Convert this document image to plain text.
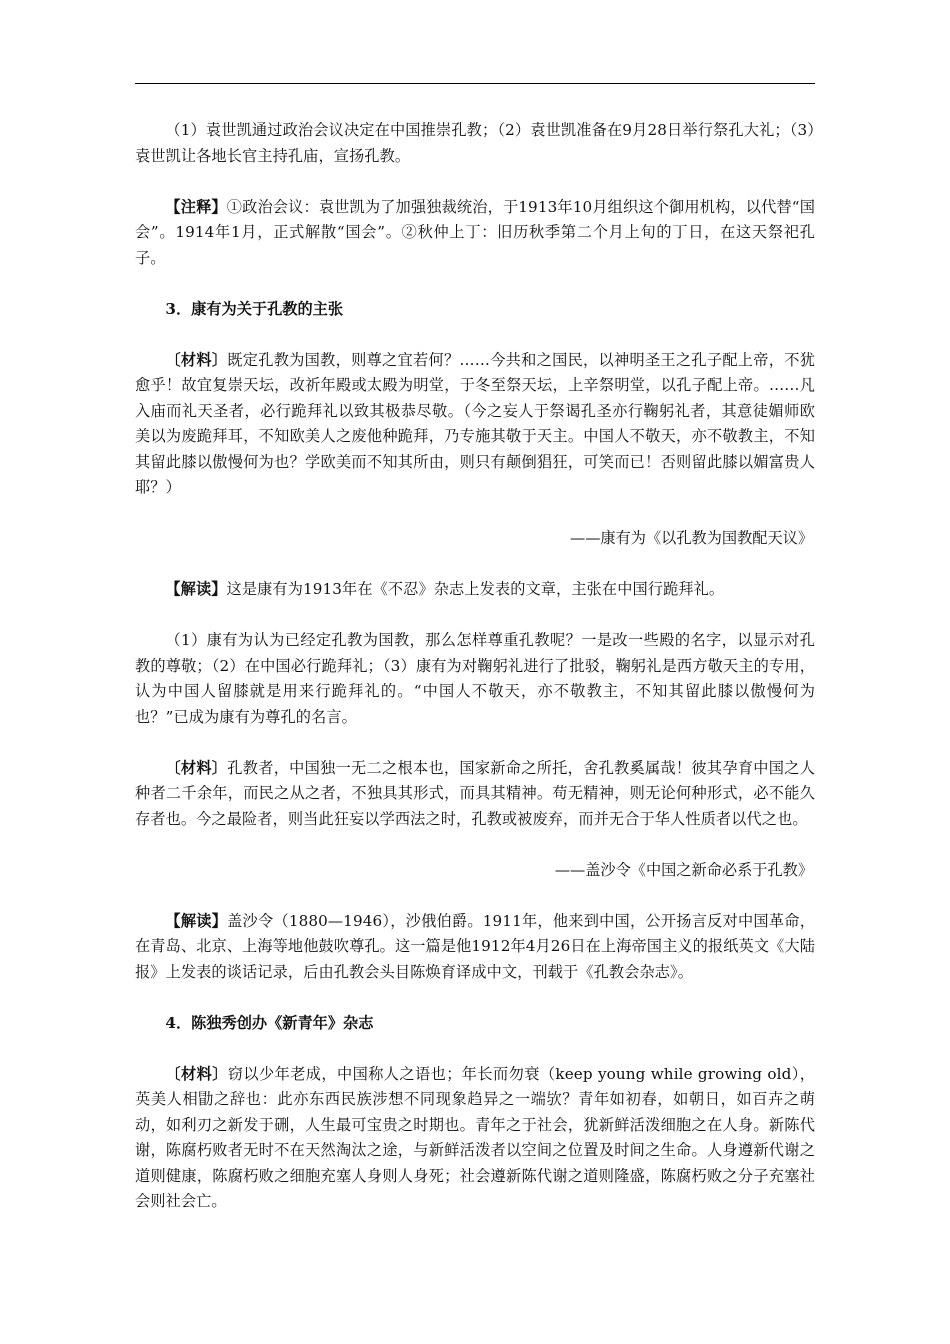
（1）袁世凯通过政治会议决定在中国推崇孔教；（2）袁世凯准备在9月28日举行祭孔大礼；（3）袁世凯让各地长官主持孔庙，宣扬孔教。

【注释】①政治会议：袁世凯为了加强独裁统治，于1913年10月组织这个御用机构，以代替“国会”。1914年1月，正式解散“国会”。②秋仲上丁：旧历秋季第二个月上旬的丁日，在这天祭祀孔子。

3．康有为关于孔教的主张

〔材料〕既定孔教为国教，则尊之宜若何？……今共和之国民，以神明圣王之孔子配上帝，不犹愈乎！故宜复崇天坛，改祈年殿或太殿为明堂，于冬至祭天坛，上辛祭明堂，以孔子配上帝。……凡入庙而礼天圣者，必行跪拜礼以致其极恭尽敬。（今之妄人于祭谒孔圣亦行鞠躬礼者，其意徒媚师欧美以为废跪拜耳，不知欧美人之废他种跪拜，乃专施其敬于天主。中国人不敬天，亦不敬教主，不知其留此膝以傲慢何为也？学欧美而不知其所由，则只有颠倒猖狂，可笑而已！否则留此膝以媚富贵人耶？）

——康有为《以孔教为国教配天议》

【解读】这是康有为1913年在《不忍》杂志上发表的文章，主张在中国行跪拜礼。

（1）康有为认为已经定孔教为国教，那么怎样尊重孔教呢？一是改一些殿的名字，以显示对孔教的尊敬；（2）在中国必行跪拜礼；（3）康有为对鞠躬礼进行了批驳，鞠躬礼是西方敬天主的专用，认为中国人留膝就是用来行跪拜礼的。“中国人不敬天，亦不敬教主，不知其留此膝以傲慢何为也？”已成为康有为尊孔的名言。

〔材料〕孔教者，中国独一无二之根本也，国家新命之所托，舍孔教奚属哉！彼其孕育中国之人种者二千余年，而民之从之者，不独具其形式，而具其精神。苟无精神，则无论何种形式，必不能久存者也。今之最险者，则当此狂妄以学西法之时，孔教或被废弃，而并无合于华人性质者以代之也。

——盖沙令《中国之新命必系于孔教》

【解读】盖沙令（1880—1946），沙俄伯爵。1911年，他来到中国，公开扬言反对中国革命，在青岛、北京、上海等地他鼓吹尊孔。这一篇是他1912年4月26日在上海帝国主义的报纸英文《大陆报》上发表的谈话记录，后由孔教会头目陈焕育译成中文，刊载于《孔教会杂志》。

4．陈独秀创办《新青年》杂志

〔材料〕窃以少年老成，中国称人之语也；年长而勿衰（keep young while growing old），英美人相勖之辞也：此亦东西民族涉想不同现象趋异之一端欤？青年如初春，如朝日，如百卉之萌动，如利刃之新发于硎，人生最可宝贵之时期也。青年之于社会，犹新鲜活泼细胞之在人身。新陈代谢，陈腐朽败者无时不在天然淘汰之途，与新鲜活泼者以空间之位置及时间之生命。人身遵新代谢之道则健康，陈腐朽败之细胞充塞人身则人身死；社会遵新陈代谢之道则隆盛，陈腐朽败之分子充塞社会则社会亡。
